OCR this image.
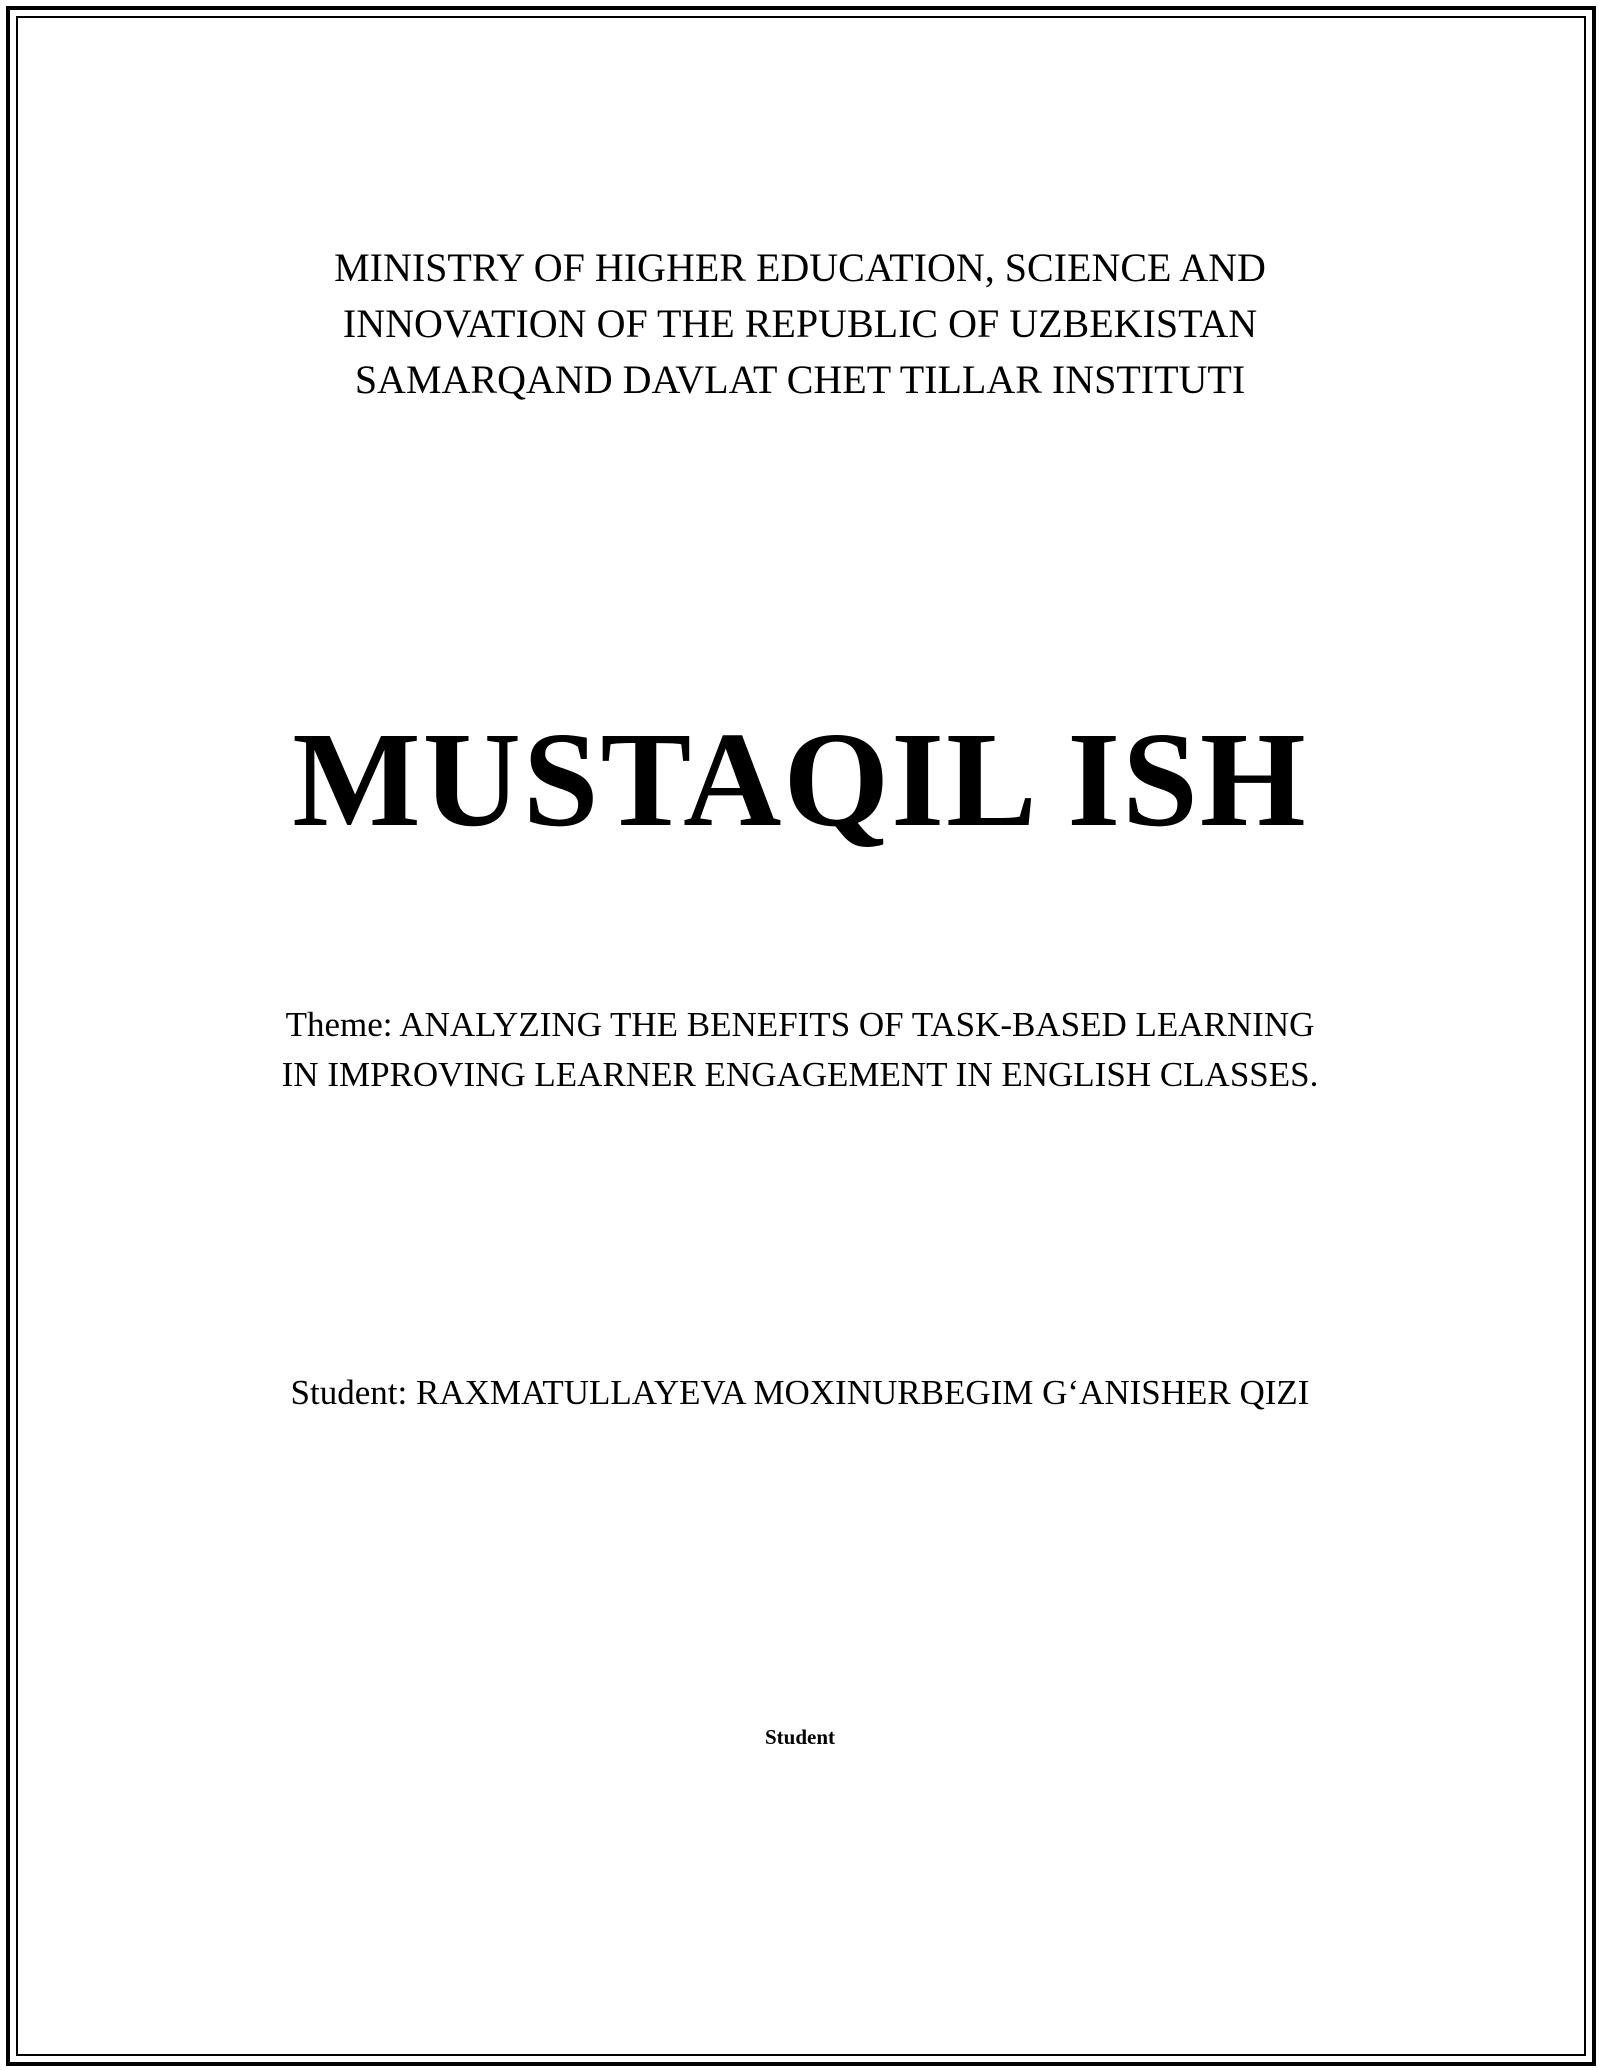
MINISTRY OF HIGHER EDUCATION, SCIENCE AND
INNOVATION OF THE REPUBLIC OF UZBEKISTAN
SAMARQAND DAVLAT CHET TILLAR INSTITUTI
MUSTAQIL ISH
Theme: ANALYZING THE BENEFITS OF TASK-BASED LEARNING
IN IMPROVING LEARNER ENGAGEMENT IN ENGLISH CLASSES.
Student: RAXMATULLAYEVA MOXINURBEGIM G‘ANISHER QIZI
Student
